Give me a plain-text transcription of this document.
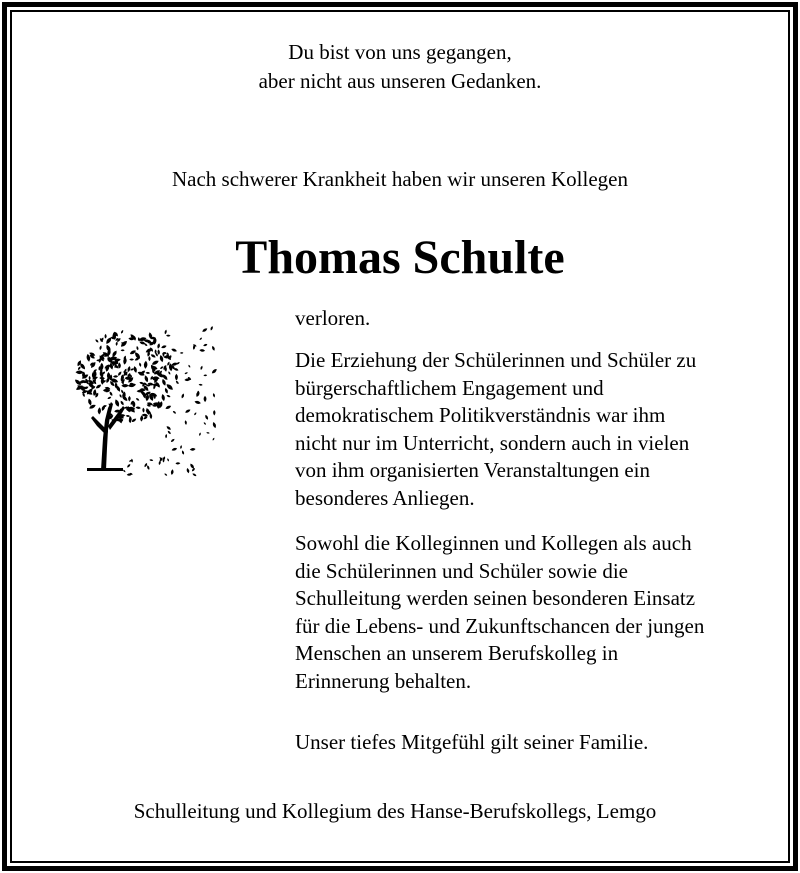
Du bist von uns gegangen,
aber nicht aus unseren Gedanken.

Nach schwerer Krankheit haben wir unseren Kollegen

Thomas Schulte
verloren.
Die Erziehung der Schülerinnen und Schüler zu
bürgerschaftlichem Engagement und
demokratischem Politikverständnis war ihm
nicht nur im Unterricht, sondern auch in vielen
von ihm organisierten Veranstaltungen ein
besonderes Anliegen.
Sowohl die Kolleginnen und Kollegen als auch
die Schülerinnen und Schüler sowie die
Schulleitung werden seinen besonderen Einsatz
für die Lebens- und Zukunftschancen der jungen
Menschen an unserem Berufskolleg in
Erinnerung behalten.
Unser tiefes Mitgefühl gilt seiner Familie.

Schulleitung und Kollegium des Hanse-Berufskollegs, Lemgo
